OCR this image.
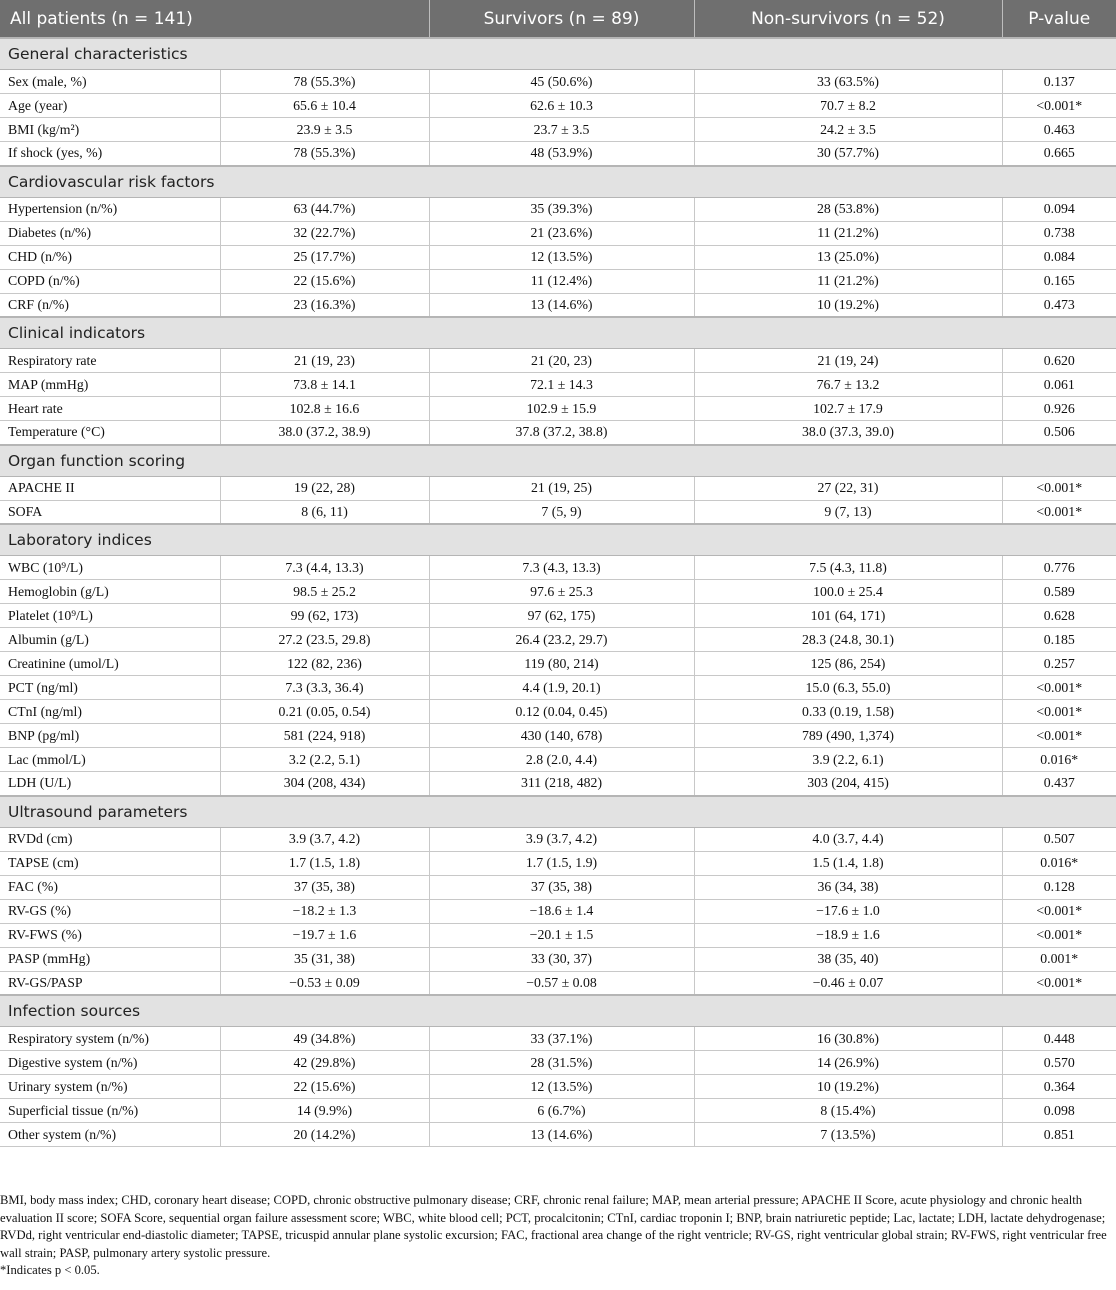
All patients (n = 141)		Survivors (n = 89)	Non-survivors (n = 52)	P-value
General characteristics				
Sex (male, %)	78 (55.3%)	45 (50.6%)	33 (63.5%)	0.137
Age (year)	65.6 ± 10.4	62.6 ± 10.3	70.7 ± 8.2	<0.001*
BMI (kg/m²)	23.9 ± 3.5	23.7 ± 3.5	24.2 ± 3.5	0.463
If shock (yes, %)	78 (55.3%)	48 (53.9%)	30 (57.7%)	0.665
Cardiovascular risk factors				
Hypertension (n/%)	63 (44.7%)	35 (39.3%)	28 (53.8%)	0.094
Diabetes (n/%)	32 (22.7%)	21 (23.6%)	11 (21.2%)	0.738
CHD (n/%)	25 (17.7%)	12 (13.5%)	13 (25.0%)	0.084
COPD (n/%)	22 (15.6%)	11 (12.4%)	11 (21.2%)	0.165
CRF (n/%)	23 (16.3%)	13 (14.6%)	10 (19.2%)	0.473
Clinical indicators				
Respiratory rate	21 (19, 23)	21 (20, 23)	21 (19, 24)	0.620
MAP (mmHg)	73.8 ± 14.1	72.1 ± 14.3	76.7 ± 13.2	0.061
Heart rate	102.8 ± 16.6	102.9 ± 15.9	102.7 ± 17.9	0.926
Temperature (°C)	38.0 (37.2, 38.9)	37.8 (37.2, 38.8)	38.0 (37.3, 39.0)	0.506
Organ function scoring				
APACHE II	19 (22, 28)	21 (19, 25)	27 (22, 31)	<0.001*
SOFA	8 (6, 11)	7 (5, 9)	9 (7, 13)	<0.001*
Laboratory indices				
WBC (10⁹/L)	7.3 (4.4, 13.3)	7.3 (4.3, 13.3)	7.5 (4.3, 11.8)	0.776
Hemoglobin (g/L)	98.5 ± 25.2	97.6 ± 25.3	100.0 ± 25.4	0.589
Platelet (10⁹/L)	99 (62, 173)	97 (62, 175)	101 (64, 171)	0.628
Albumin (g/L)	27.2 (23.5, 29.8)	26.4 (23.2, 29.7)	28.3 (24.8, 30.1)	0.185
Creatinine (umol/L)	122 (82, 236)	119 (80, 214)	125 (86, 254)	0.257
PCT (ng/ml)	7.3 (3.3, 36.4)	4.4 (1.9, 20.1)	15.0 (6.3, 55.0)	<0.001*
CTnI (ng/ml)	0.21 (0.05, 0.54)	0.12 (0.04, 0.45)	0.33 (0.19, 1.58)	<0.001*
BNP (pg/ml)	581 (224, 918)	430 (140, 678)	789 (490, 1,374)	<0.001*
Lac (mmol/L)	3.2 (2.2, 5.1)	2.8 (2.0, 4.4)	3.9 (2.2, 6.1)	0.016*
LDH (U/L)	304 (208, 434)	311 (218, 482)	303 (204, 415)	0.437
Ultrasound parameters				
RVDd (cm)	3.9 (3.7, 4.2)	3.9 (3.7, 4.2)	4.0 (3.7, 4.4)	0.507
TAPSE (cm)	1.7 (1.5, 1.8)	1.7 (1.5, 1.9)	1.5 (1.4, 1.8)	0.016*
FAC (%)	37 (35, 38)	37 (35, 38)	36 (34, 38)	0.128
RV-GS (%)	−18.2 ± 1.3	−18.6 ± 1.4	−17.6 ± 1.0	<0.001*
RV-FWS (%)	−19.7 ± 1.6	−20.1 ± 1.5	−18.9 ± 1.6	<0.001*
PASP (mmHg)	35 (31, 38)	33 (30, 37)	38 (35, 40)	0.001*
RV-GS/PASP	−0.53 ± 0.09	−0.57 ± 0.08	−0.46 ± 0.07	<0.001*
Infection sources				
Respiratory system (n/%)	49 (34.8%)	33 (37.1%)	16 (30.8%)	0.448
Digestive system (n/%)	42 (29.8%)	28 (31.5%)	14 (26.9%)	0.570
Urinary system (n/%)	22 (15.6%)	12 (13.5%)	10 (19.2%)	0.364
Superficial tissue (n/%)	14 (9.9%)	6 (6.7%)	8 (15.4%)	0.098
Other system (n/%)	20 (14.2%)	13 (14.6%)	7 (13.5%)	0.851

BMI, body mass index; CHD, coronary heart disease; COPD, chronic obstructive pulmonary disease; CRF, chronic renal failure; MAP, mean arterial pressure; APACHE II Score, acute physiology and chronic health evaluation II score; SOFA Score, sequential organ failure assessment score; WBC, white blood cell; PCT, procalcitonin; CTnI, cardiac troponin I; BNP, brain natriuretic peptide; Lac, lactate; LDH, lactate dehydrogenase; RVDd, right ventricular end-diastolic diameter; TAPSE, tricuspid annular plane systolic excursion; FAC, fractional area change of the right ventricle; RV-GS, right ventricular global strain; RV-FWS, right ventricular free wall strain; PASP, pulmonary artery systolic pressure.

*Indicates p < 0.05.
